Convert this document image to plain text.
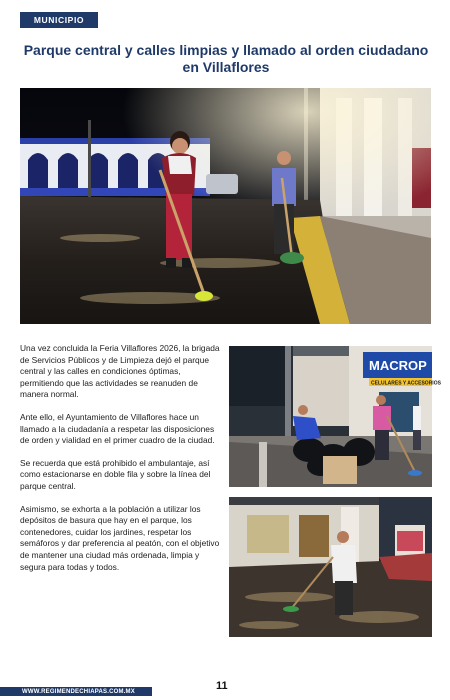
MUNICIPIO
Parque central y calles limpias y llamado al orden ciudadano en Villaflores

Una vez concluida la Feria Villaflores 2026, la brigada de Servicios Públicos y de Limpieza dejó el parque central y las calles en condiciones óptimas, permitiendo que las actividades se reanuden de manera normal.

Ante ello, el Ayuntamiento de Villaflores hace un llamado a la ciudadanía a respetar las disposiciones de orden y vialidad en el primer cuadro de la ciudad.

Se recuerda que está prohibido el ambulantaje, así como estacionarse en doble fila y sobre la línea del parque central.

Asimismo, se exhorta a la población a utilizar los depósitos de basura que hay en el parque, los contenedores, cuidar los jardines, respetar los semáforos y dar preferencia al peatón, con el objetivo de mantener una ciudad más ordenada, limpia y segura para todas y todos.

MACROP
CELULARES Y ACCESORIOS
WWW.REGIMENDECHIAPAS.COM.MX	11
